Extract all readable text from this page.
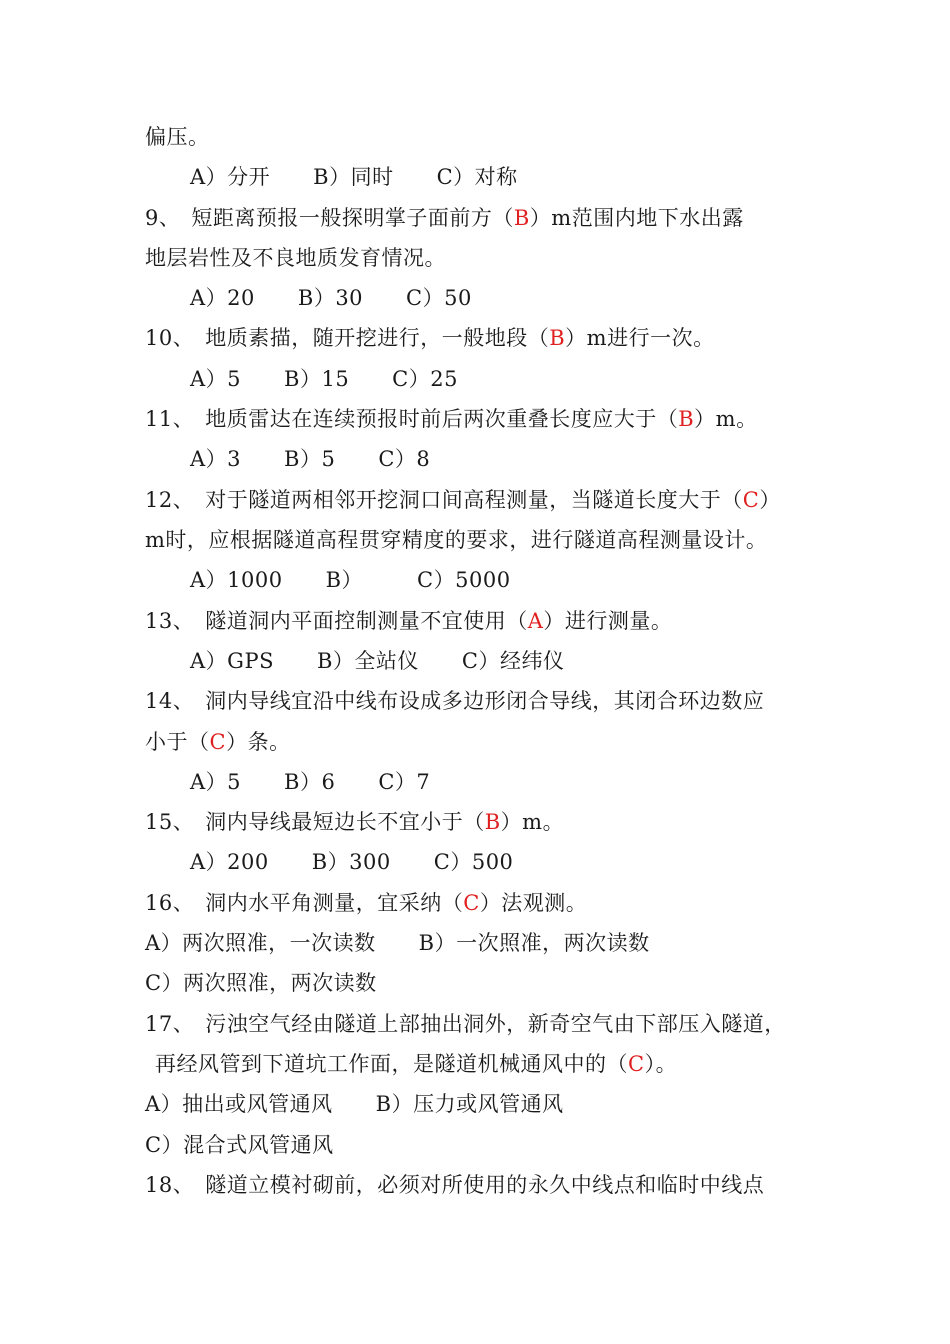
偏压。
A）分开　　B）同时　　C）对称
9、　短距离预报一般探明掌子面前方（B）m范围内地下水出露
地层岩性及不良地质发育情况。
A）20　　B）30　　C）50
10、　地质素描，随开挖进行，一般地段（B）m进行一次。
A）5　　B）15　　C）25
11、　地质雷达在连续预报时前后两次重叠长度应大于（B）m。
A）3　　B）5　　C）8
12、　对于隧道两相邻开挖洞口间高程测量，当隧道长度大于（C）
m时，应根据隧道高程贯穿精度的要求，进行隧道高程测量设计。
A）1000　　B）　　　C）5000
13、　隧道洞内平面控制测量不宜使用（A）进行测量。
A）GPS　　B）全站仪　　C）经纬仪
14、　洞内导线宜沿中线布设成多边形闭合导线，其闭合环边数应
小于（C）条。
A）5　　B）6　　C）7
15、　洞内导线最短边长不宜小于（B）m。
A）200　　B）300　　C）500
16、　洞内水平角测量，宜采纳（C）法观测。
A）两次照准，一次读数　　B）一次照准，两次读数
C）两次照准，两次读数
17、　污浊空气经由隧道上部抽出洞外，新奇空气由下部压入隧道，
再经风管到下道坑工作面，是隧道机械通风中的（C）。
A）抽出或风管通风　　B）压力或风管通风
C）混合式风管通风
18、　隧道立模衬砌前，必须对所使用的永久中线点和临时中线点
